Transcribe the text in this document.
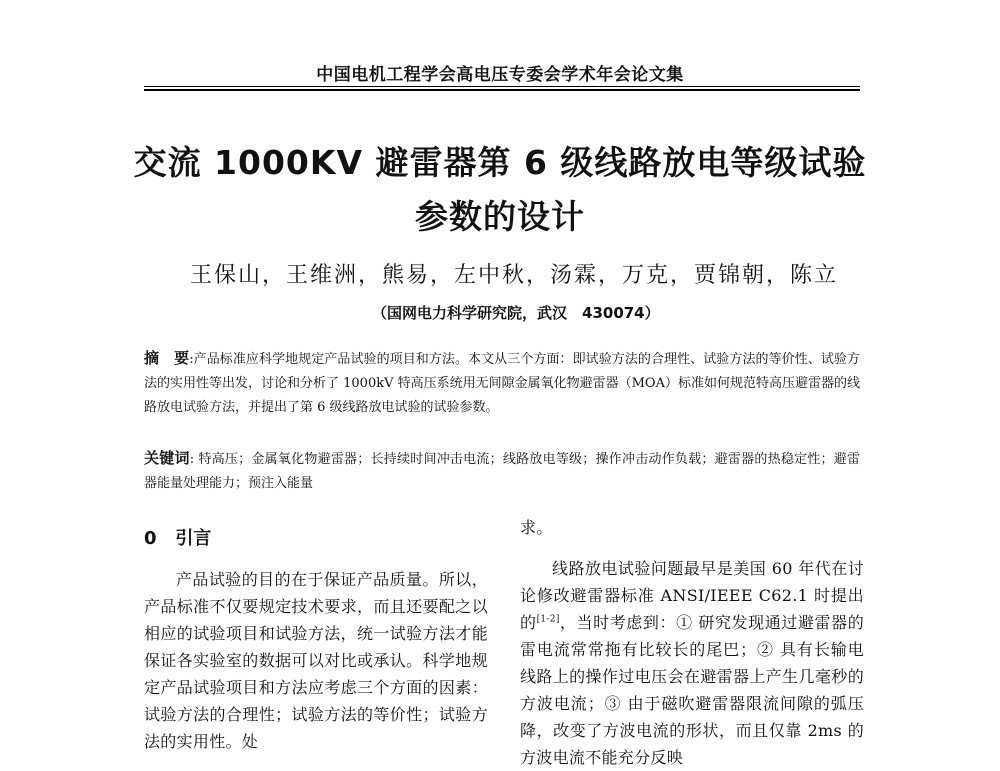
中国电机工程学会高电压专委会学术年会论文集
交流 1000KV 避雷器第 6 级线路放电等级试验
参数的设计
王保山，王维洲，熊易，左中秋，汤霖，万克，贾锦朝，陈立
（国网电力科学研究院，武汉　430074）
摘　要:产品标准应科学地规定产品试验的项目和方法。本文从三个方面：即试验方法的合理性、试验方法的等价性、试验方法的实用性等出发，讨论和分析了 1000kV 特高压系统用无间隙金属氧化物避雷器（MOA）标准如何规范特高压避雷器的线路放电试验方法，并提出了第 6 级线路放电试验的试验参数。
关键词: 特高压；金属氧化物避雷器；长持续时间冲击电流；线路放电等级；操作冲击动作负载；避雷器的热稳定性；避雷器能量处理能力；预注入能量
0 引言

产品试验的目的在于保证产品质量。所以，产品标准不仅要规定技术要求，而且还要配之以相应的试验项目和试验方法，统一试验方法才能保证各实验室的数据可以对比或承认。科学地规定产品试验项目和方法应考虑三个方面的因素：试验方法的合理性；试验方法的等价性；试验方法的实用性。处

求。

线路放电试验问题最早是美国 60 年代在讨论修改避雷器标准 ANSI/IEEE C62.1 时提出的[1-2]，当时考虑到：① 研究发现通过避雷器的雷电流常常拖有比较长的尾巴；② 具有长输电线路上的操作过电压会在避雷器上产生几毫秒的方波电流；③ 由于磁吹避雷器限流间隙的弧压降，改变了方波电流的形状，而且仅靠 2ms 的方波电流不能充分反映
